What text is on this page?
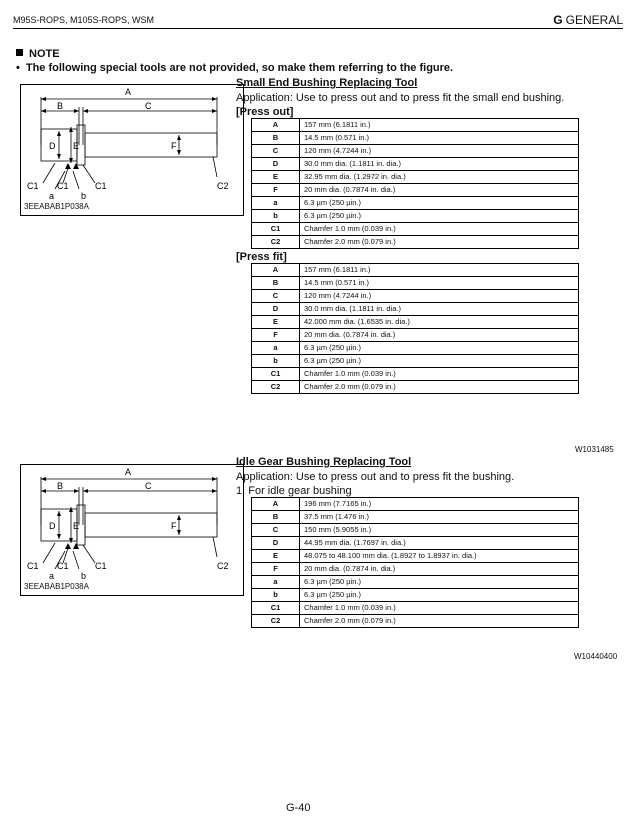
M95S-ROPS, M105S-ROPS, WSM	G GENERAL
NOTE
• The following special tools are not provided, so make them referring to the figure.
A
B	C
D E	F
C1 C1	C1	C2
a	b
3EEABAB1P038A
A
B	C
D E	F
C1 C1	C1	C2
a	b
3EEABAB1P038A
Small End Bushing Replacing Tool
Application: Use to press out and to press fit the small end bushing.
[Press out]
A	157 mm (6.1811 in.)
B	14.5 mm (0.571 in.)
C	120 mm (4.7244 in.)
D	30.0 mm dia. (1.1811 in. dia.)
E	32.95 mm dia. (1.2972 in. dia.)
F	20 mm dia. (0.7874 in. dia.)
a	6.3 µm (250 µin.)
b	6.3 µm (250 µin.)
C1	Chamfer 1.0 mm (0.039 in.)
C2	Chamfer 2.0 mm (0.079 in.)
[Press fit]
A	157 mm (6.1811 in.)
B	14.5 mm (0.571 in.)
C	120 mm (4.7244 in.)
D	30.0 mm dia. (1.1811 in. dia.)
E	42.000 mm dia. (1.6535 in. dia.)
F	20 mm dia. (0.7874 in. dia.)
a	6.3 µm (250 µin.)
b	6.3 µm (250 µin.)
C1	Chamfer 1.0 mm (0.039 in.)
C2	Chamfer 2.0 mm (0.079 in.)
W1031485
Idle Gear Bushing Replacing Tool
Application: Use to press out and to press fit the bushing.
1. For idle gear bushing
A	196 mm (7.7165 in.)
B	37.5 mm (1.476 in.)
C	150 mm (5.9055 in.)
D	44.95 mm dia. (1.7697 in. dia.)
E	48.075 to 48.100 mm dia. (1.8927 to 1.8937 in. dia.)
F	20 mm dia. (0.7874 in. dia.)
a	6.3 µm (250 µin.)
b	6.3 µm (250 µin.)
C1	Chamfer 1.0 mm (0.039 in.)
C2	Chamfer 2.0 mm (0.079 in.)
W10440400
G-40
